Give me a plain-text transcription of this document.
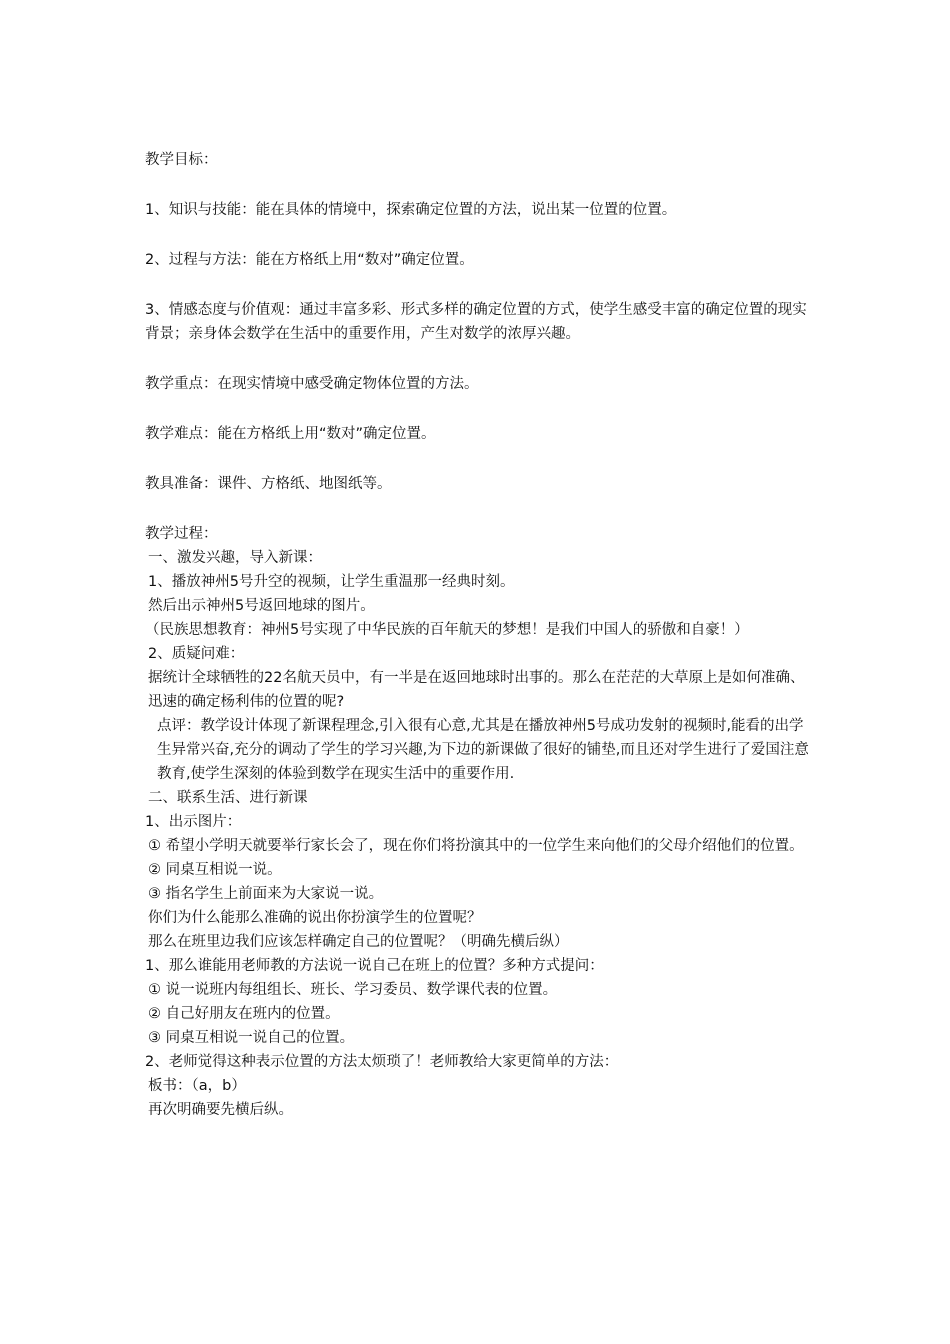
教学目标：

1、知识与技能：能在具体的情境中，探索确定位置的方法，说出某一位置的位置。

2、过程与方法：能在方格纸上用“数对”确定位置。

3、情感态度与价值观：通过丰富多彩、形式多样的确定位置的方式，使学生感受丰富的确定位置的现实背景；亲身体会数学在生活中的重要作用，产生对数学的浓厚兴趣。

教学重点：在现实情境中感受确定物体位置的方法。

教学难点：能在方格纸上用“数对”确定位置。

教具准备：课件、方格纸、地图纸等。

教学过程：

一、激发兴趣，导入新课：

1、播放神州5号升空的视频，让学生重温那一经典时刻。

然后出示神州5号返回地球的图片。

（民族思想教育：神州5号实现了中华民族的百年航天的梦想！是我们中国人的骄傲和自豪！）

2、质疑问难：

据统计全球牺牲的22名航天员中，有一半是在返回地球时出事的。那么在茫茫的大草原上是如何准确、迅速的确定杨利伟的位置的呢?

点评：教学设计体现了新课程理念,引入很有心意,尤其是在播放神州5号成功发射的视频时,能看的出学生异常兴奋,充分的调动了学生的学习兴趣,为下边的新课做了很好的铺垫,而且还对学生进行了爱国注意教育,使学生深刻的体验到数学在现实生活中的重要作用.

二、联系生活、进行新课

1、出示图片：

① 希望小学明天就要举行家长会了，现在你们将扮演其中的一位学生来向他们的父母介绍他们的位置。

② 同桌互相说一说。

③ 指名学生上前面来为大家说一说。

你们为什么能那么准确的说出你扮演学生的位置呢？

那么在班里边我们应该怎样确定自己的位置呢？（明确先横后纵）

1、那么谁能用老师教的方法说一说自己在班上的位置？多种方式提问：

① 说一说班内每组组长、班长、学习委员、数学课代表的位置。

② 自己好朋友在班内的位置。

③ 同桌互相说一说自己的位置。

2、老师觉得这种表示位置的方法太烦琐了！老师教给大家更简单的方法：

板书：（a，b）

再次明确要先横后纵。
